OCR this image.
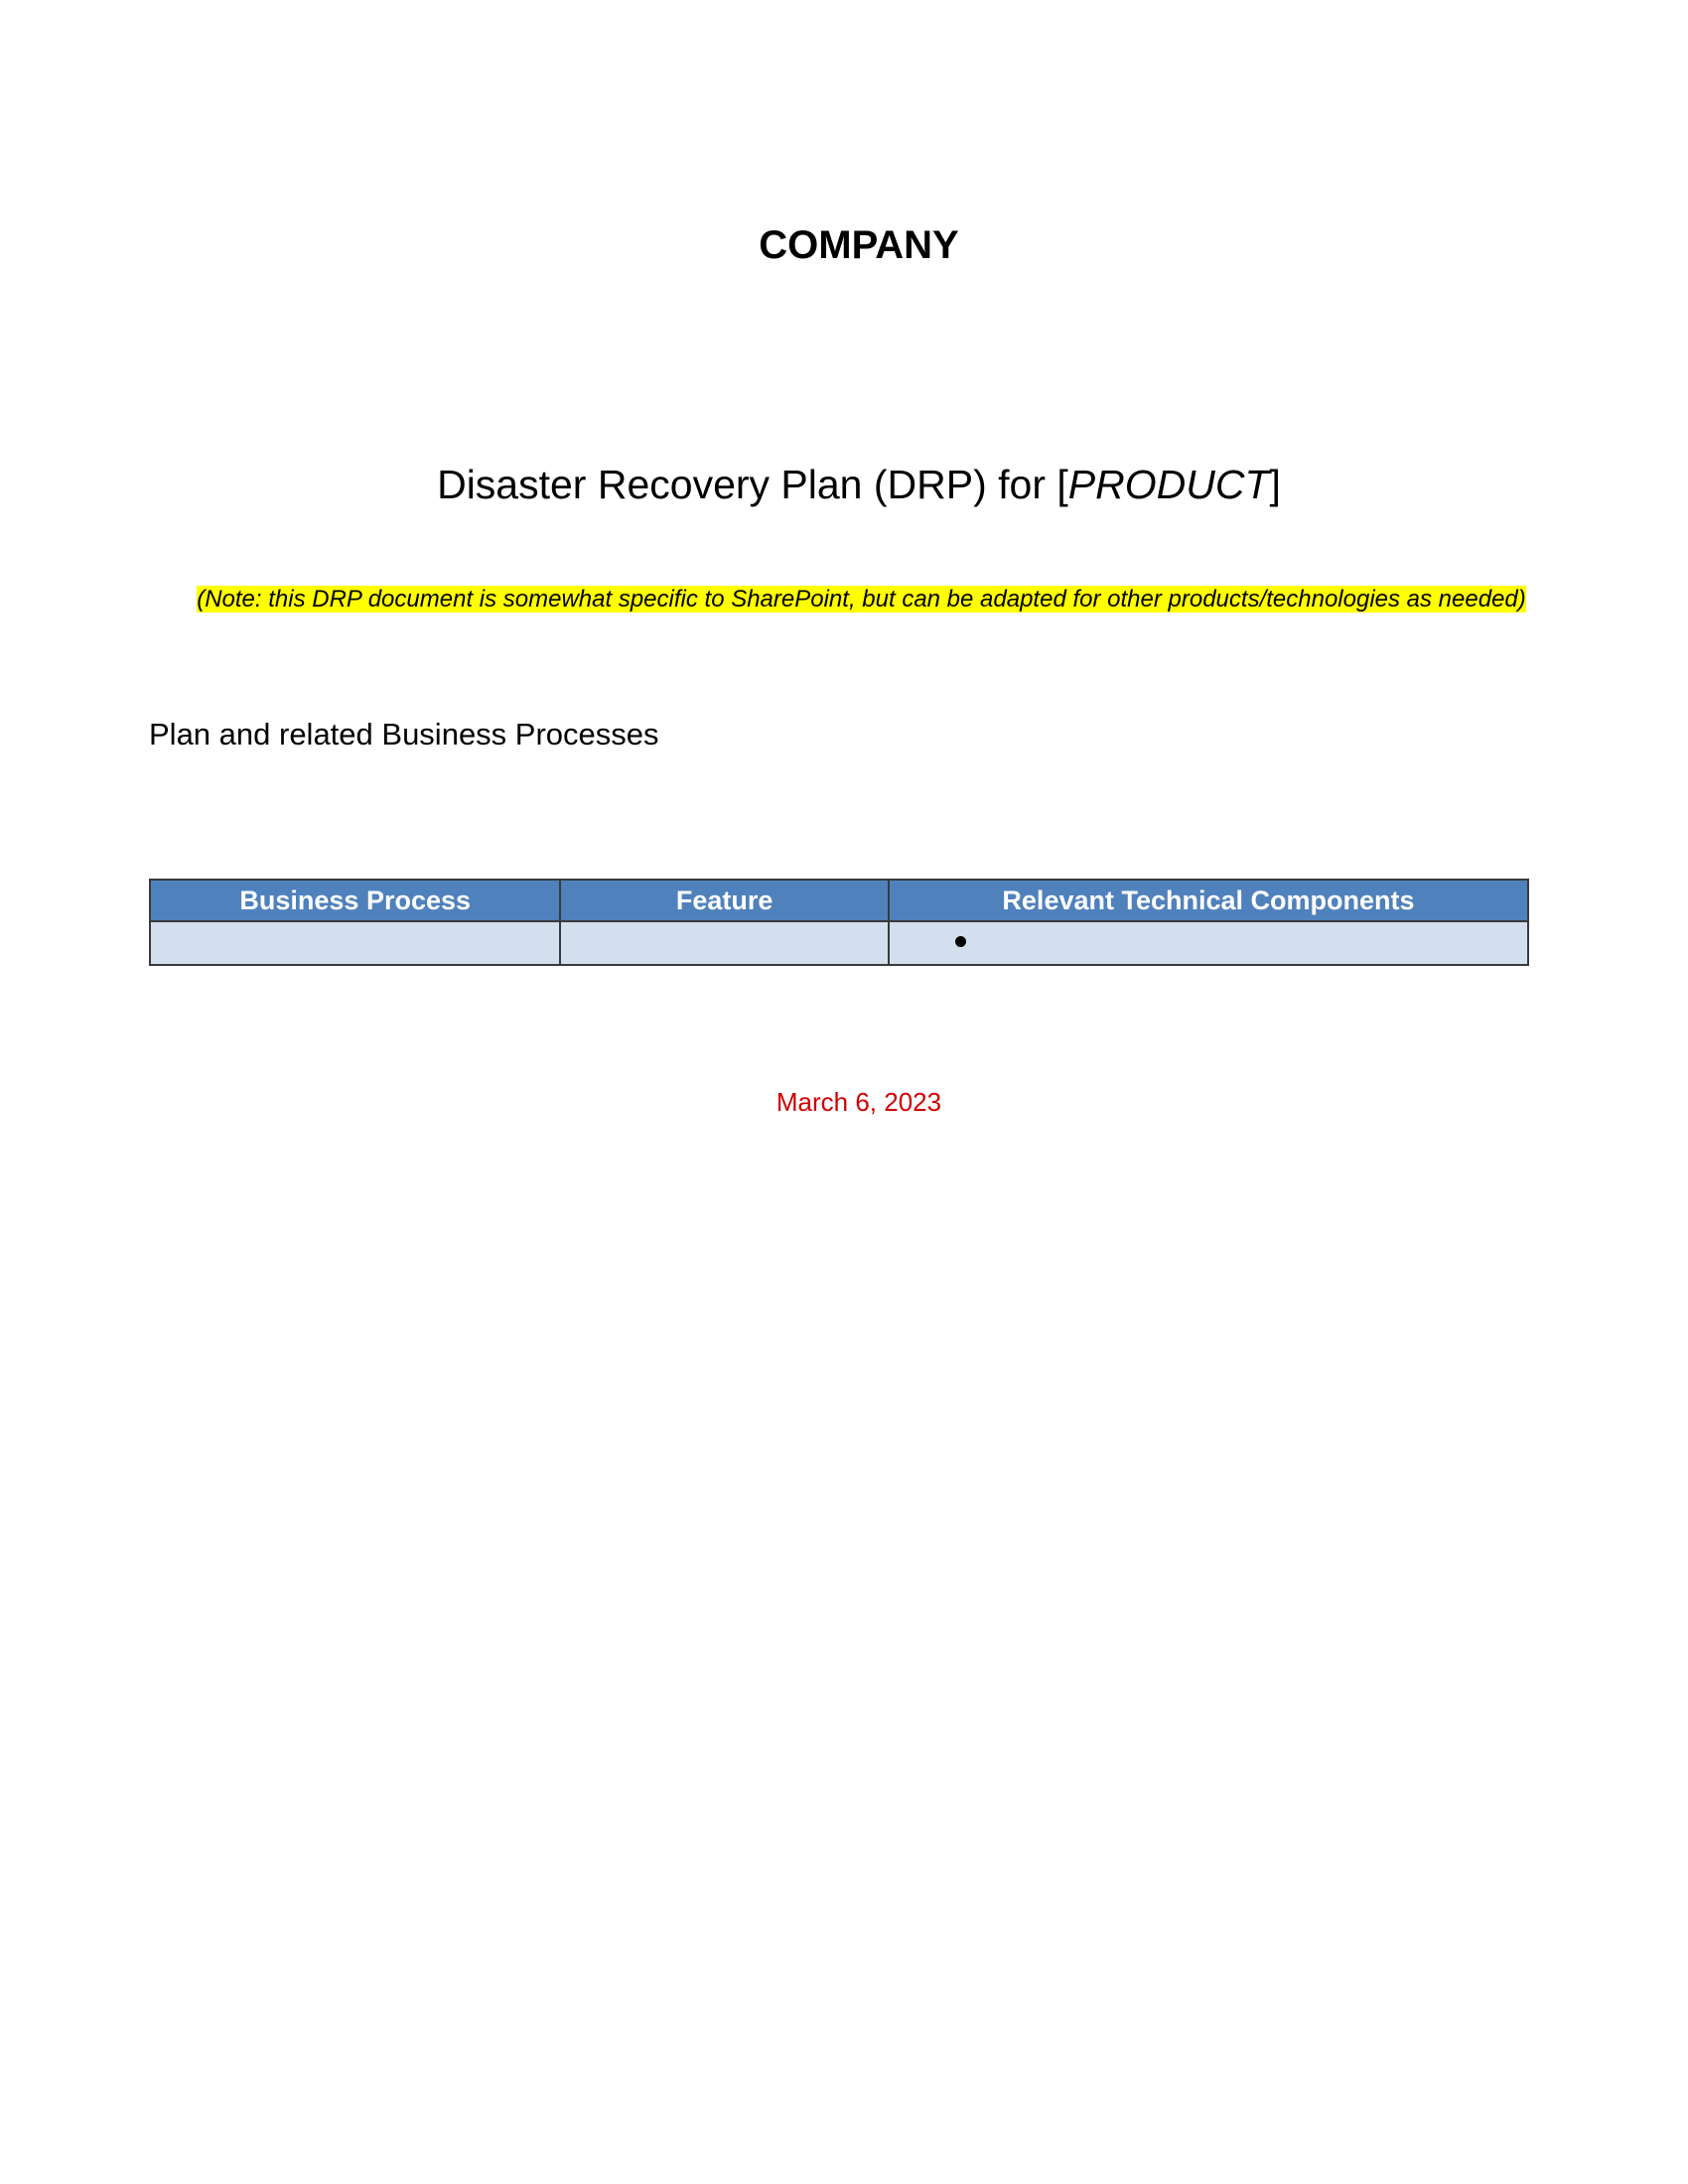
COMPANY
Disaster Recovery Plan (DRP) for [PRODUCT]
(Note: this DRP document is somewhat specific to SharePoint, but can be adapted for other products/technologies as needed)
Plan and related Business Processes
Business Process	Feature	Relevant Technical Components

March 6, 2023
